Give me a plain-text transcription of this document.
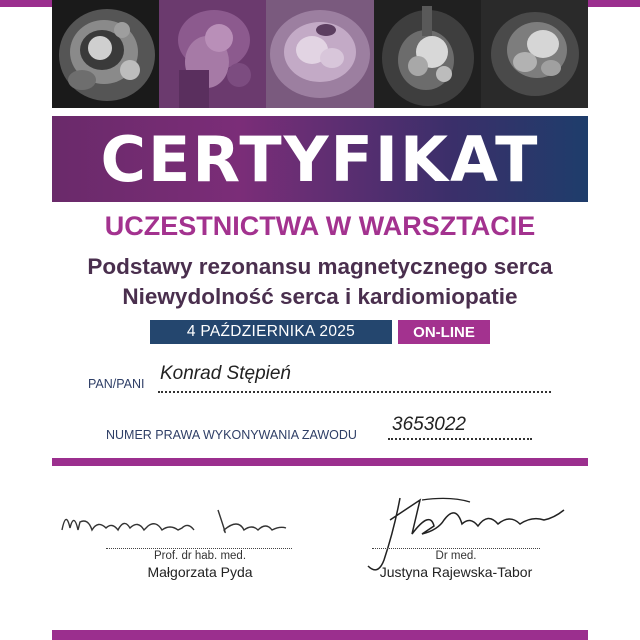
CERTYFIKAT
UCZESTNICTWA W WARSZTACIE
Podstawy rezonansu magnetycznego serca
Niewydolność serca i kardiomiopatie
4 PAŹDZIERNIKA 2025	ON-LINE
PAN/PANI Konrad Stępień
NUMER PRAWA WYKONYWANIA ZAWODU 3653022
Prof. dr hab. med.
Małgorzata Pyda
Dr med.
Justyna Rajewska-Tabor
